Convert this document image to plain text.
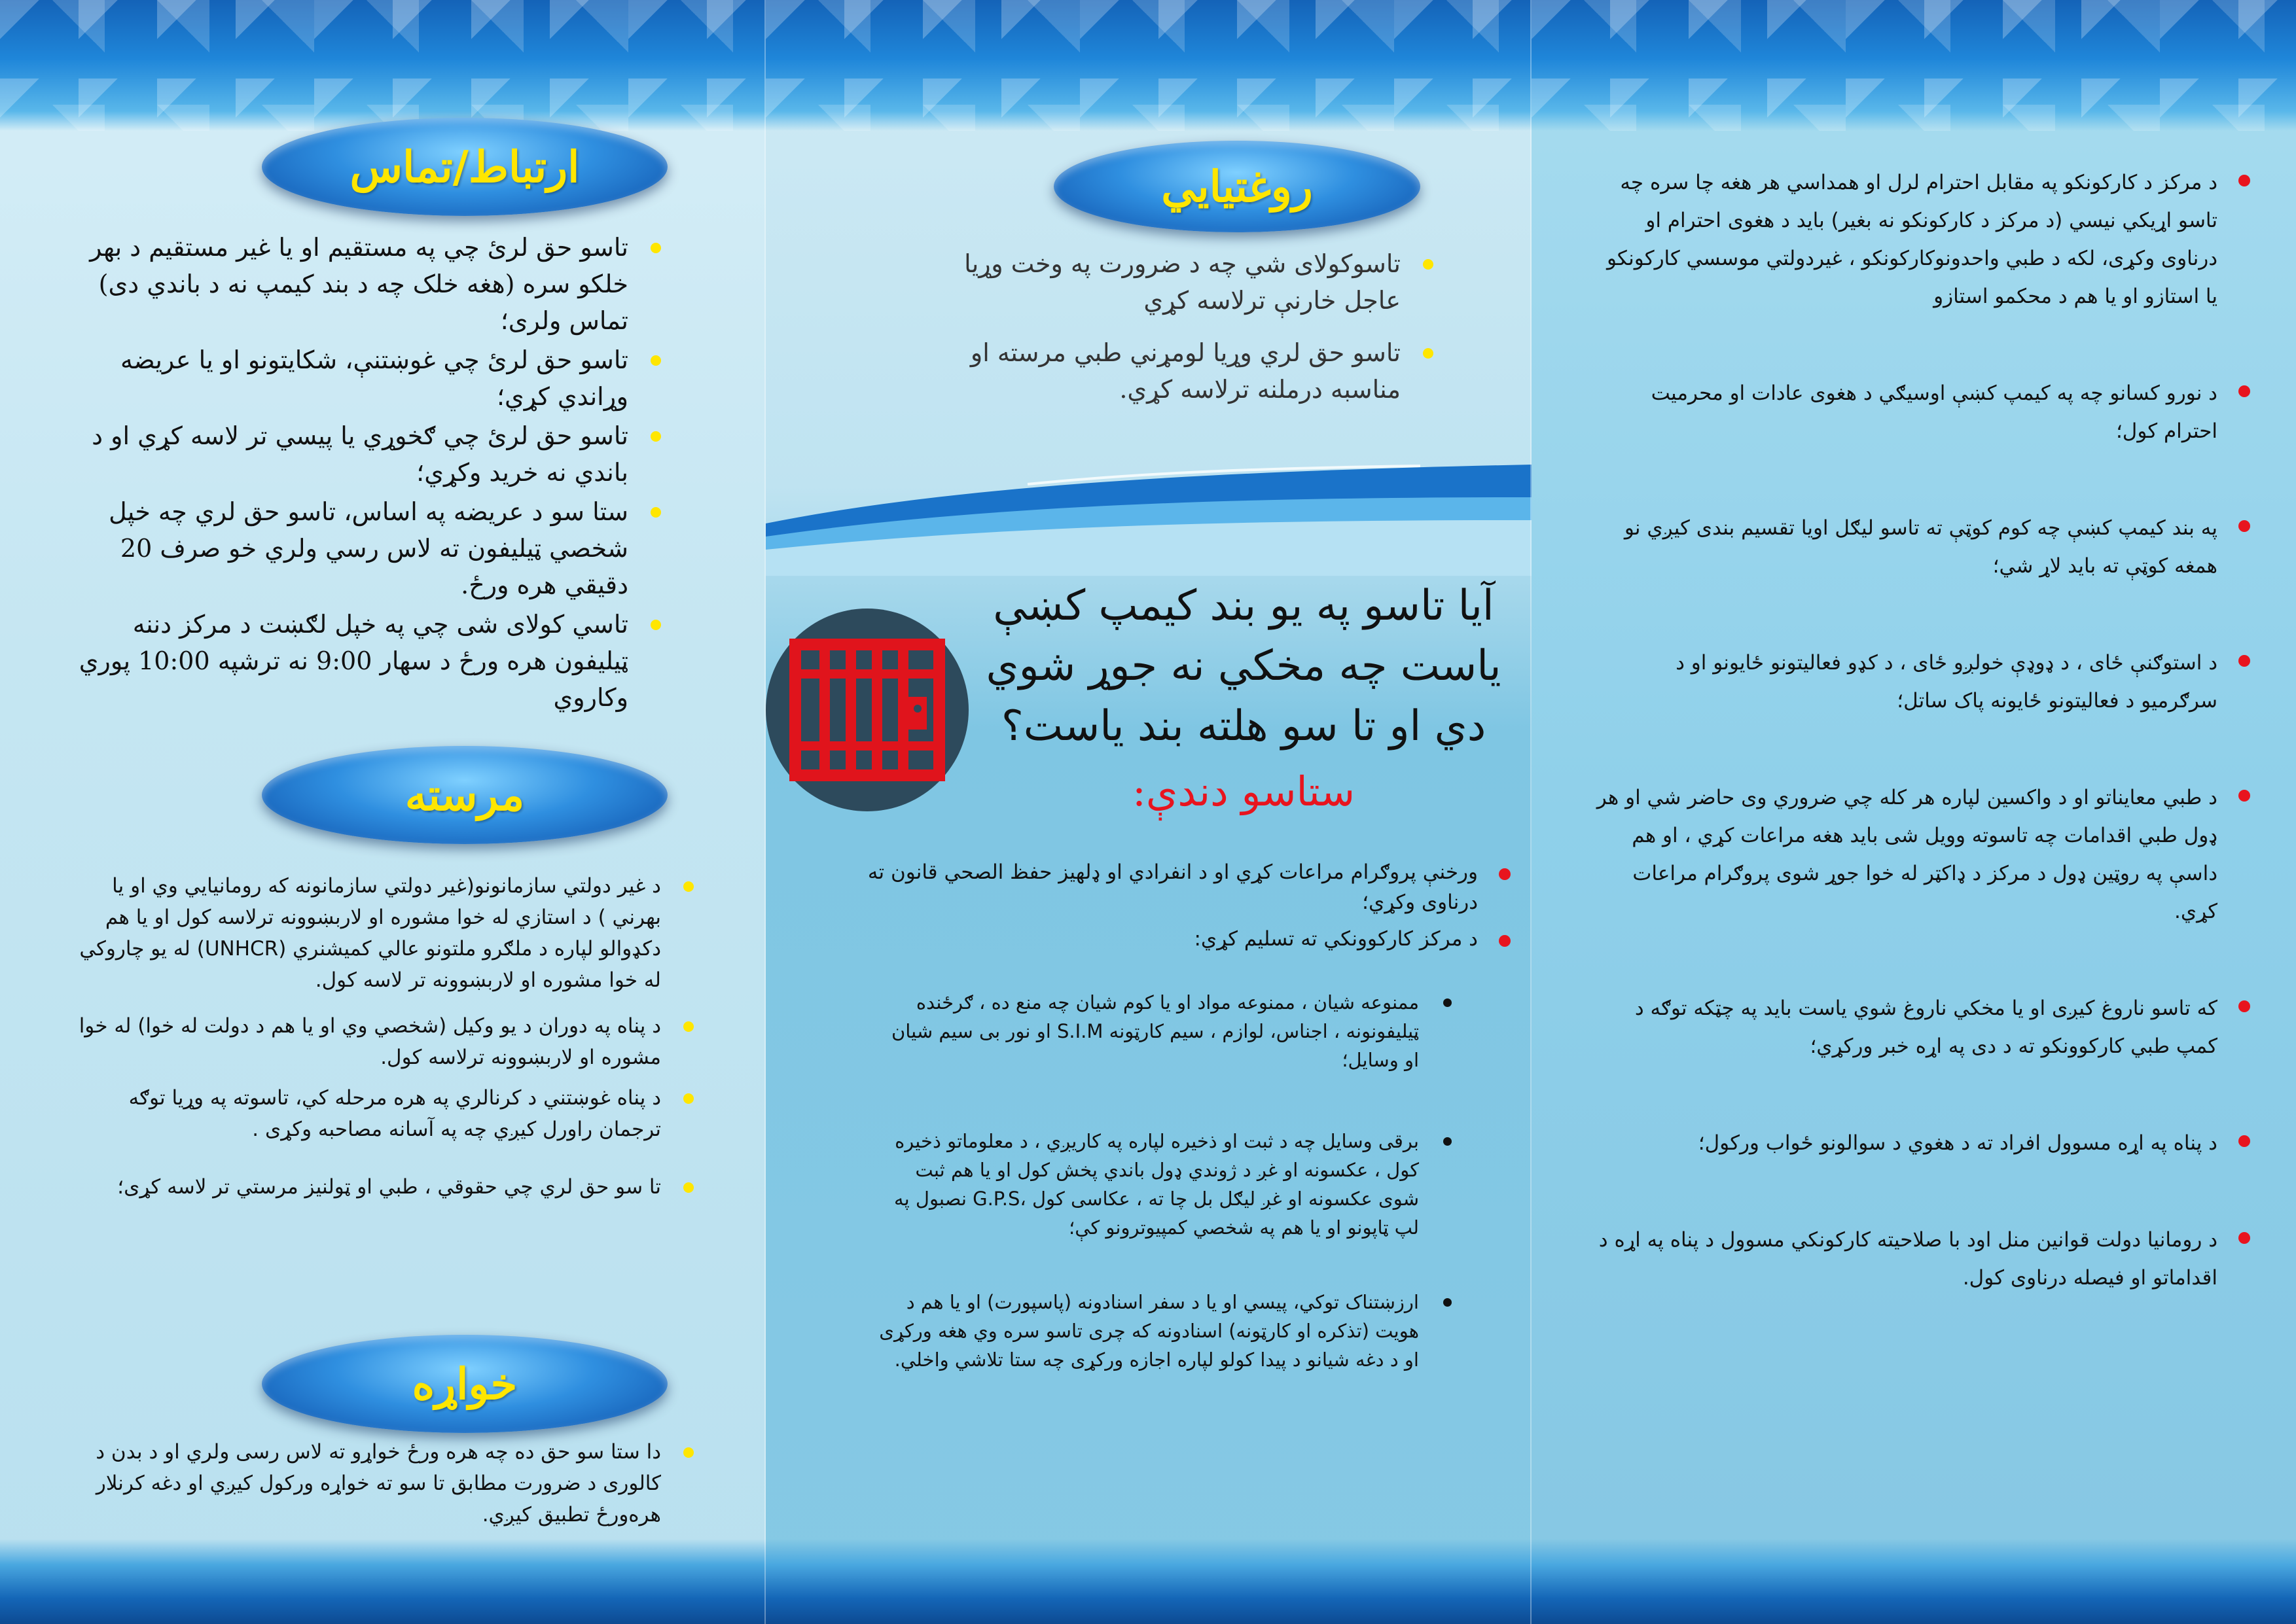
ارتباط/تماس
تاسو حق لرئ چي په مستقيم او يا غير مستقيم د بهر خلکو سره (هغه خلک چه د بند کيمپ نه د باندي دی) تماس ولری؛
تاسو حق لرئ چي غوښتنې، شکايتونو او يا عريضه وړاندي کړي؛
تاسو حق لرئ چي ګخوړي يا پيسي تر لاسه کړي او د باندي نه خريد وکړي؛
ستا سو د عريضه په اساس، تاسو حق لري چه خپل شخصي ټيليفون ته لاس رسي ولري خو صرف 20 دقيقي هره ورځ.
تاسي کولای شی چي په خپل لګښت د مرکز دننه ټيليفون هره ورځ د سهار 9:00 نه ترشپه 10:00 پوري وکاروي
مرسته
د غير دولتي سازمانونو(غير دولتي سازمانونه که رومانيايي وي او يا بهرني ) د استازي له خوا مشوره او لاربښوونه ترلاسه کول او يا هم دکډوالو لپاره د ملګرو ملتونو عالي کميشنري (UNHCR) له يو چاروکي له خوا مشوره او لاربښوونه تر لاسه کول.
د پناه په دوران د يو وکيل (شخصي وي او يا هم د دولت له خوا) له خوا مشوره او لاربښوونه ترلاسه کول.
د پناه غوښتني د کرنالري په هره مرحله کي، تاسوته په وړيا توګه ترجمان راورل کيږي چه په آسانه مصاحبه وکړی .
تا سو حق لري چي حقوقي ، طبي او ټولنيز مرستي تر لاسه کړی؛
خواړه
دا ستا سو حق ده چه هره ورځ خواړو ته لاس رسی ولري او د بدن د کالوری د ضرورت مطابق تا سو ته خواړه ورکول کيږي او دغه کرنلار هره‌ورځ تطبيق کيږي.
روغتيايي
تاسوکولای شي چه د ضرورت په وخت وړيا عاجل خارنې ترلاسه کړي
تاسو حق لري وړيا لومړني طبي مرسته او مناسبه درملنه ترلاسه کړي.
آيا تاسو په يو بند کيمپ کښې
ياست چه مخکي نه جوړ شوي
دي او تا سو هلته بند ياست؟
ستاسو دندې:
ورخنې پروګرام مراعات کړي او د انفرادي او ډلهيز حفظ الصحي قانون ته درناوی وکړي؛
د مرکز کارکوونکي ته تسليم کړي:
ممنوعه شيان ، ممنوعه مواد او يا کوم شيان چه منع ده ، ګرځنده ټيليفونونه ، اجناس، لوازم ، سيم کارټونه S.I.M او نور بی سيم شيان او وسايل؛
برقی وسايل چه د ثبت او ذخيره لپاره په کاريږي ، د معلوماتو ذخيره کول ، عکسونه او غږ د ژوندي ډول باندي پخش کول او يا هم ثبت شوی عکسونه او غږ ليګل بل چا ته ، عکاسی کول ،G.P.S نصبول په لپ ټاپونو او يا هم په شخصي کمپيوترونو کې؛
ارزښتناک توکي، پيسي او يا د سفر اسنادونه (پاسپورت) او يا هم د هويت (تذکره او کارټونه) اسنادونه که چری تاسو سره وي هغه ورکړی او د دغه شيانو د پيدا کولو لپاره اجازه ورکړی چه ستا تلاشي واخلي.
د مرکز د کارکونکو په مقابل احترام لرل او همداسي هر هغه چا سره چه تاسو اړيکي نيسي (د مرکز د کارکونکو نه بغير) بايد د هغوی احترام او درناوی وکړی، لکه د طبي واحدونوکارکونکو ، غيردولتي موسسي کارکونکو يا استازو او يا هم د محکمو استازو
د نورو کسانو چه په کيمپ کښې اوسيګي د هغوی عادات او محرميت احترام کول؛
په بند کيمپ کښې چه کوم کوټې ته تاسو ليګل اويا تقسيم بندی کيږي نو همغه کوټې ته بايد لاړ شي؛
د استوګنې ځای ، د ډوډې خولږو ځای ، د کډو فعاليتونو ځايونو او د سرګرميو د فعاليتونو ځايونه پاک ساتل؛
د طبي معايناتو او د واکسين لپاره هر کله چي ضروري وی حاضر شي او هر ډول طبي اقدامات چه تاسوته وويل شی بايد هغه مراعات کړي ، او هم داسې په روټين ډول د مرکز د ډاکټر له خوا جوړ شوی پروګرام مراعات کړي.
که تاسو ناروغ کيږی او يا مخکي ناروغ شوي ياست بايد په چټکه توګه د کمپ طبي کارکوونکو ته د دی په اړه خبر ورکړي؛
د پناه په اړه مسوول افراد ته د هغوي د سوالونو ځواب ورکول؛
د رومانيا دولت قوانين منل اود با صلاحيته کارکونکي مسوول د پناه په اړه د اقداماتو او فيصله درناوی کول.
